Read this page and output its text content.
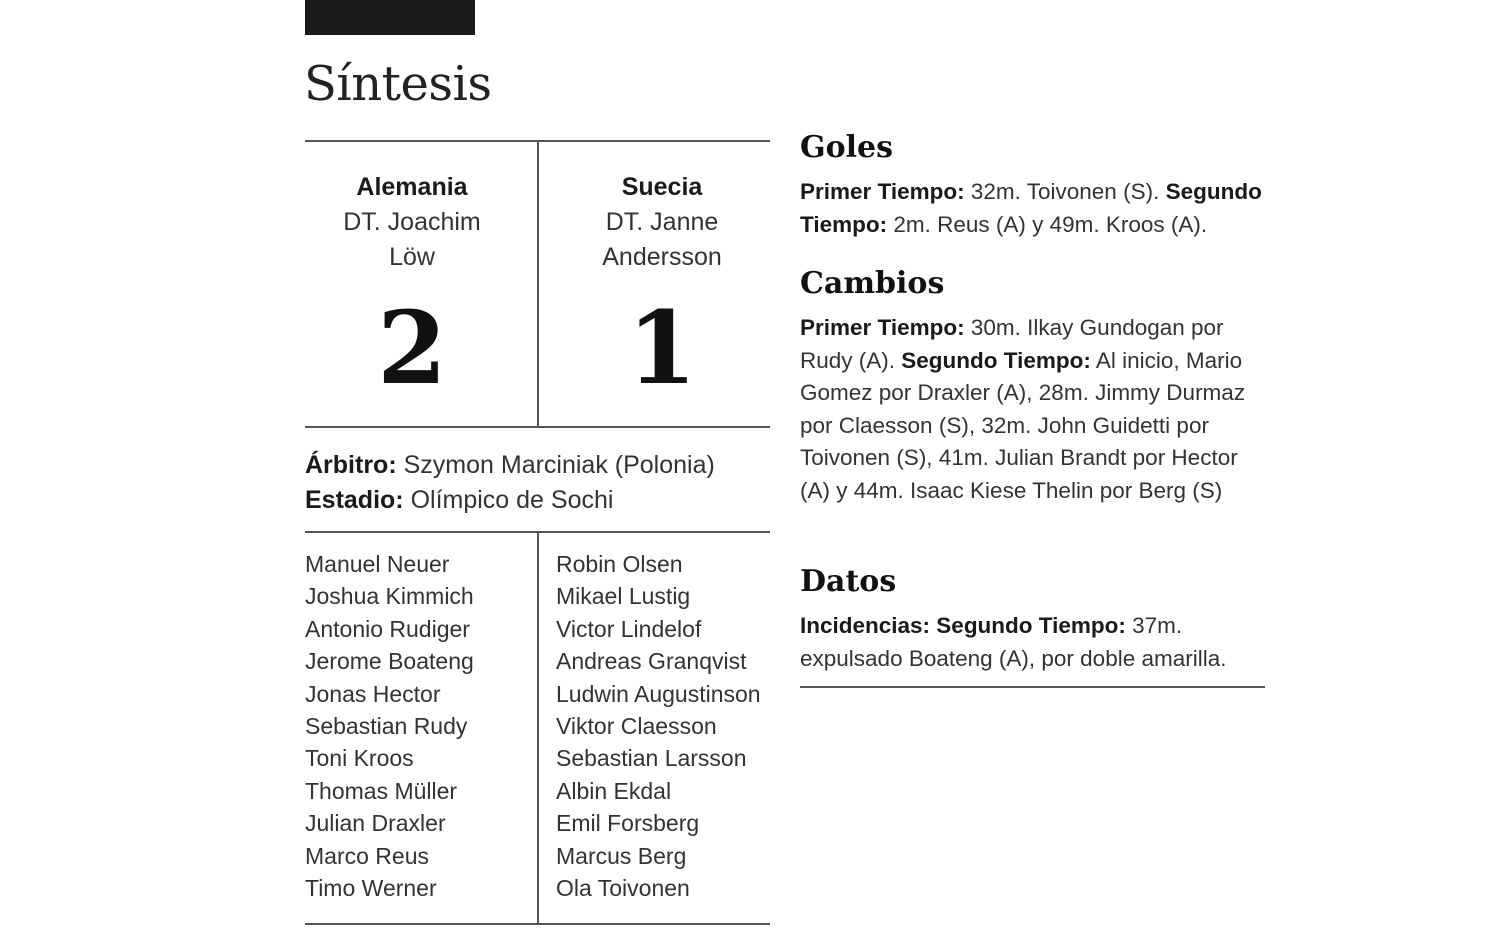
Síntesis
Alemania
DT. Joachim
Löw
2
Suecia
DT. Janne
Andersson
1
Árbitro: Szymon Marciniak (Polonia)
Estadio: Olímpico de Sochi
Manuel Neuer
Joshua Kimmich
Antonio Rudiger
Jerome Boateng
Jonas Hector
Sebastian Rudy
Toni Kroos
Thomas Müller
Julian Draxler
Marco Reus
Timo Werner
Robin Olsen
Mikael Lustig
Victor Lindelof
Andreas Granqvist
Ludwin Augustinson
Viktor Claesson
Sebastian Larsson
Albin Ekdal
Emil Forsberg
Marcus Berg
Ola Toivonen
Goles

Primer Tiempo: 32m. Toivonen (S). Segundo Tiempo: 2m. Reus (A) y 49m. Kroos (A).

Cambios

Primer Tiempo: 30m. Ilkay Gundogan por Rudy (A). Segundo Tiempo: Al inicio, Mario Gomez por Draxler (A), 28m. Jimmy Durmaz por Claesson (S), 32m. John Guidetti por Toivonen (S), 41m. Julian Brandt por Hector (A) y 44m. Isaac Kiese Thelin por Berg (S)

Datos

Incidencias: Segundo Tiempo: 37m. expulsado Boateng (A), por doble amarilla.
